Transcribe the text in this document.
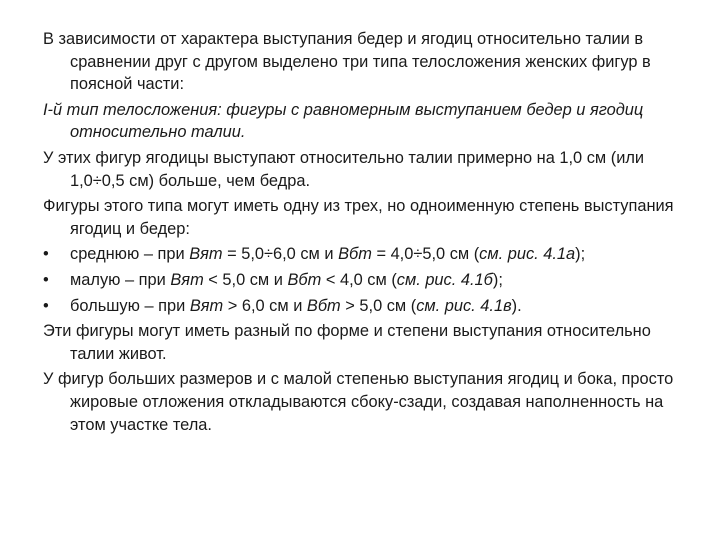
В зависимости от характера выступания бедер и ягодиц относительно талии в сравнении друг с другом выделено три типа телосложения женских фигур в поясной части:

I-й тип телосложения: фигуры с равномерным выступанием бедер и ягодиц относительно талии.

У этих фигур ягодицы выступают относительно талии примерно на 1,0 см (или 1,0÷0,5 см) больше, чем бедра.

Фигуры этого типа могут иметь одну из трех, но одноименную степень выступания ягодиц и бедер:

• среднюю – при Вят = 5,0÷6,0 см и Вбт = 4,0÷5,0 см (см. рис. 4.1а);

• малую – при Вят < 5,0 см и Вбт < 4,0 см (см. рис. 4.1б);

• большую – при Вят > 6,0 см и Вбт > 5,0 см (см. рис. 4.1в).

Эти фигуры могут иметь разный по форме и степени выступания относительно талии живот.

У фигур больших размеров и с малой степенью выступания ягодиц и бока, просто жировые отложения откладываются сбоку-сзади, создавая наполненность на этом участке тела.
